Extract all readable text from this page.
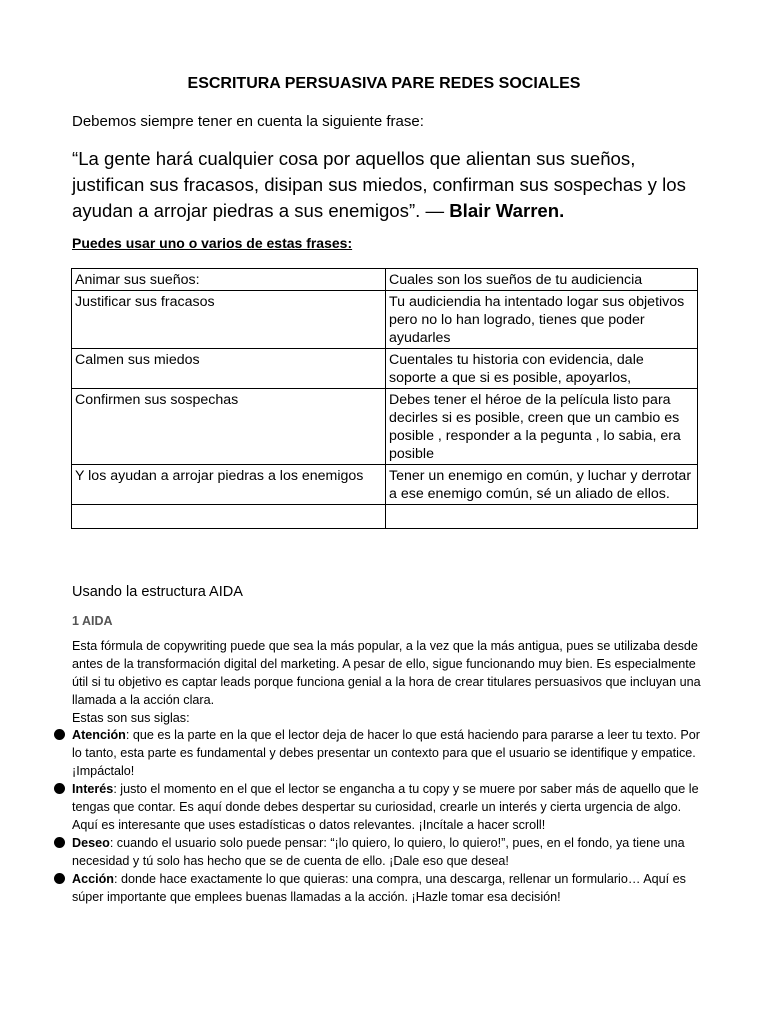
ESCRITURA PERSUASIVA PARE REDES SOCIALES
Debemos siempre tener en cuenta la siguiente frase:
“La gente hará cualquier cosa por aquellos que alientan sus sueños, justifican sus fracasos, disipan sus miedos, confirman sus sospechas y los ayudan a arrojar piedras a sus enemigos”. — Blair Warren.
Puedes usar uno o varios de estas frases:
Animar sus sueños:	Cuales son los sueños de tu audiciencia
Justificar sus fracasos	Tu audiciendia ha intentado logar sus objetivos pero no lo han logrado, tienes que poder ayudarles
Calmen sus miedos	Cuentales tu historia con evidencia, dale soporte a que si es posible, apoyarlos,
Confirmen sus sospechas	Debes tener el héroe de la película listo para decirles si es posible, creen que un cambio es posible , responder a la pegunta , lo sabia, era posible
Y los ayudan a arrojar piedras a los enemigos	Tener un enemigo en común, y luchar y derrotar a ese enemigo común, sé un aliado de ellos.

Usando la estructura AIDA
1 AIDA
Esta fórmula de copywriting puede que sea la más popular, a la vez que la más antigua, pues se utilizaba desde antes de la transformación digital del marketing. A pesar de ello, sigue funcionando muy bien. Es especialmente útil si tu objetivo es captar leads porque funciona genial a la hora de crear titulares persuasivos que incluyan una llamada a la acción clara.
Estas son sus siglas:
Atención: que es la parte en la que el lector deja de hacer lo que está haciendo para pararse a leer tu texto. Por lo tanto, esta parte es fundamental y debes presentar un contexto para que el usuario se identifique y empatice. ¡Impáctalo!
Interés: justo el momento en el que el lector se engancha a tu copy y se muere por saber más de aquello que le tengas que contar. Es aquí donde debes despertar su curiosidad, crearle un interés y cierta urgencia de algo. Aquí es interesante que uses estadísticas o datos relevantes. ¡Incítale a hacer scroll!
Deseo: cuando el usuario solo puede pensar: “¡lo quiero, lo quiero, lo quiero!”, pues, en el fondo, ya tiene una necesidad y tú solo has hecho que se de cuenta de ello. ¡Dale eso que desea!
Acción: donde hace exactamente lo que quieras: una compra, una descarga, rellenar un formulario… Aquí es súper importante que emplees buenas llamadas a la acción. ¡Hazle tomar esa decisión!
